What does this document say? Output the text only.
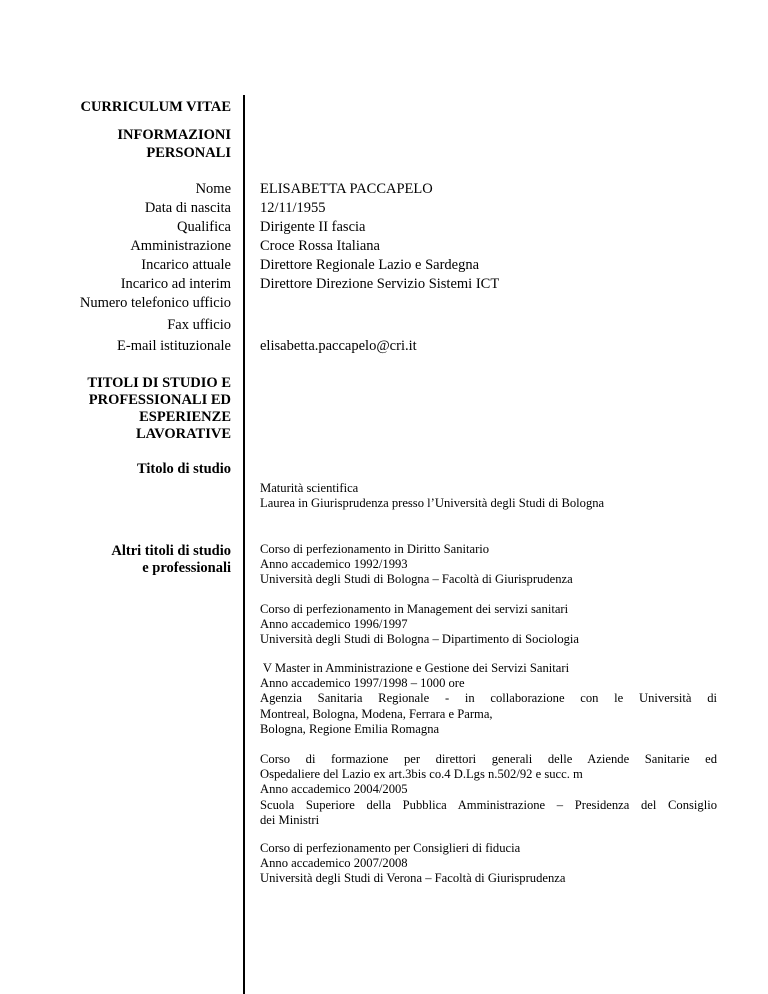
CURRICULUM VITAE
INFORMAZIONI
PERSONALI
Nome
Data di nascita
Qualifica
Amministrazione
Incarico attuale
Incarico ad interim
Numero telefonico ufficio
Fax ufficio
E-mail istituzionale
ELISABETTA PACCAPELO
12/11/1955
Dirigente II fascia
Croce Rossa Italiana
Direttore Regionale Lazio e Sardegna
Direttore Direzione Servizio Sistemi ICT
elisabetta.paccapelo@cri.it
TITOLI DI STUDIO E
PROFESSIONALI ED
ESPERIENZE
LAVORATIVE
Titolo di studio
Maturità scientifica
Laurea in Giurisprudenza presso l’Università degli Studi di Bologna
Altri titoli di studio
e professionali
Corso di perfezionamento in Diritto Sanitario
Anno accademico 1992/1993
Università degli Studi di Bologna – Facoltà di Giurisprudenza
Corso di perfezionamento in Management dei servizi sanitari
Anno accademico 1996/1997
Università degli Studi di Bologna – Dipartimento di Sociologia
V Master in Amministrazione e Gestione dei Servizi Sanitari
Anno accademico 1997/1998 – 1000 ore
Agenzia Sanitaria Regionale - in collaborazione con le Università di
Montreal, Bologna, Modena, Ferrara e Parma,
Bologna, Regione Emilia Romagna
Corso di formazione per direttori generali delle Aziende Sanitarie ed
Ospedaliere del Lazio ex art.3bis co.4 D.Lgs n.502/92 e succ. m
Anno accademico 2004/2005
Scuola Superiore della Pubblica Amministrazione – Presidenza del Consiglio
dei Ministri
Corso di perfezionamento per Consiglieri di fiducia
Anno accademico 2007/2008
Università degli Studi di Verona – Facoltà di Giurisprudenza
